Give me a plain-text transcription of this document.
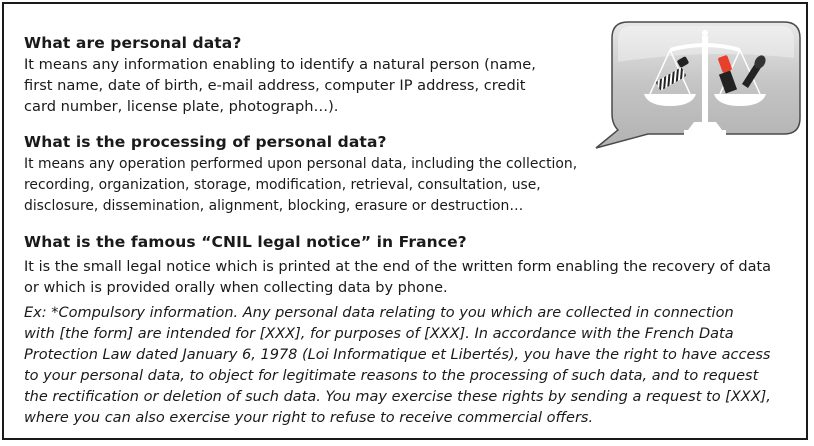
What are personal data?
It means any information enabling to identify a natural person (name,
first name, date of birth, e-mail address, computer IP address, credit
card number, license plate, photograph…).
What is the processing of personal data?
It means any operation performed upon personal data, including the collection,
recording, organization, storage, modification, retrieval, consultation, use,
disclosure, dissemination, alignment, blocking, erasure or destruction…
What is the famous “CNIL legal notice” in France?
It is the small legal notice which is printed at the end of the written form enabling the recovery of data
or which is provided orally when collecting data by phone.
Ex: *Compulsory information. Any personal data relating to you which are collected in connection
with [the form] are intended for [XXX], for purposes of [XXX]. In accordance with the French Data
Protection Law dated January 6, 1978 (Loi Informatique et Libertés), you have the right to have access
to your personal data, to object for legitimate reasons to the processing of such data, and to request
the rectification or deletion of such data. You may exercise these rights by sending a request to [XXX],
where you can also exercise your right to refuse to receive commercial offers.
